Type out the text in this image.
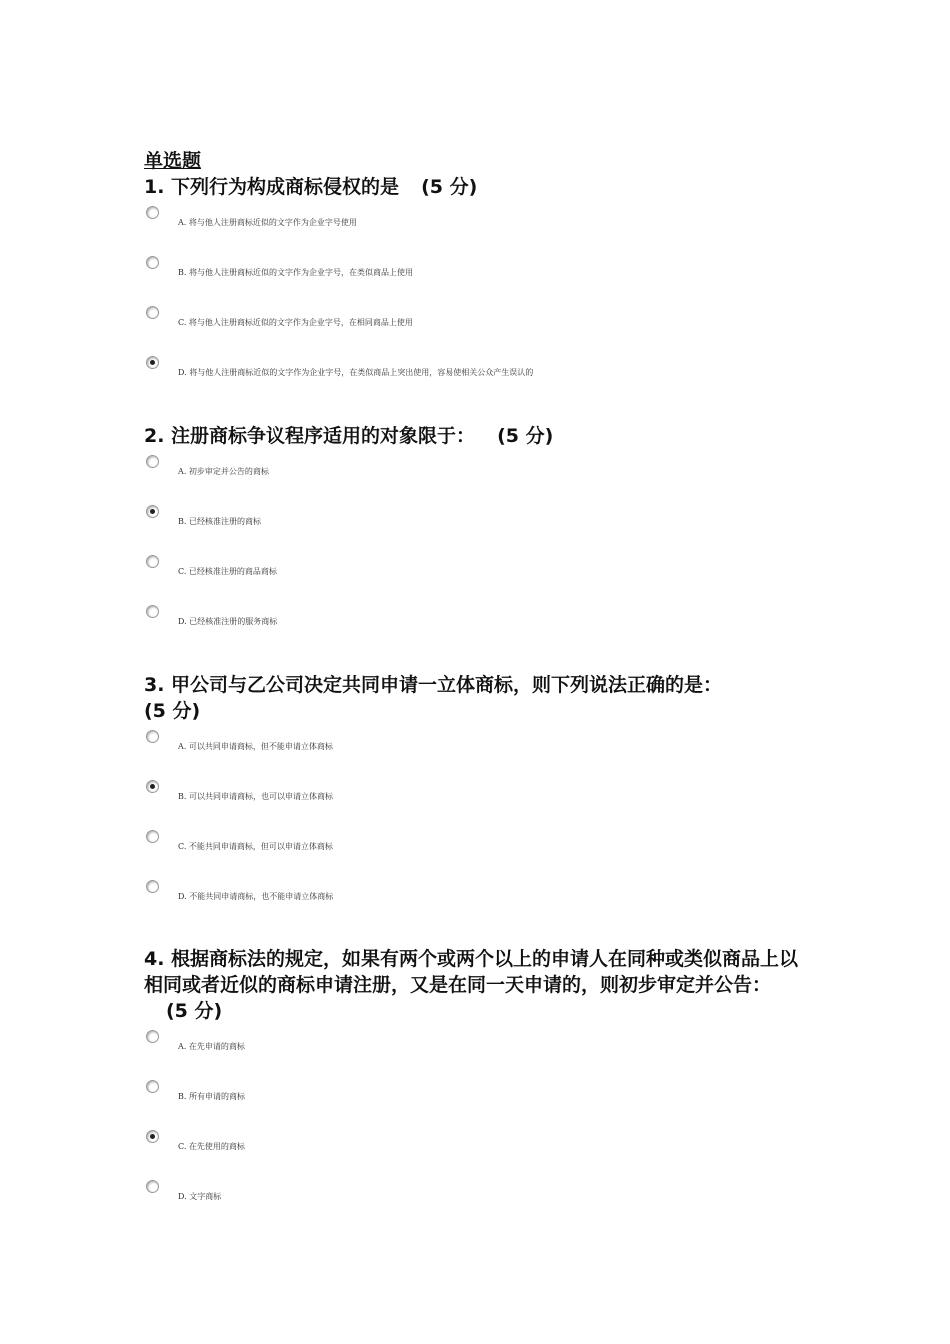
单选题

1. 下列行为构成商标侵权的是 (5 分)

A. 将与他人注册商标近似的文字作为企业字号使用
B. 将与他人注册商标近似的文字作为企业字号，在类似商品上使用
C. 将与他人注册商标近似的文字作为企业字号，在相同商品上使用
D. 将与他人注册商标近似的文字作为企业字号，在类似商品上突出使用，容易使相关公众产生误认的

2. 注册商标争议程序适用的对象限于： (5 分)

A. 初步审定并公告的商标
B. 已经核准注册的商标
C. 已经核准注册的商品商标
D. 已经核准注册的服务商标

3. 甲公司与乙公司决定共同申请一立体商标，则下列说法正确的是：
(5 分)

A. 可以共同申请商标，但不能申请立体商标
B. 可以共同申请商标，也可以申请立体商标
C. 不能共同申请商标，但可以申请立体商标
D. 不能共同申请商标，也不能申请立体商标

4. 根据商标法的规定，如果有两个或两个以上的申请人在同种或类似商品上以相同或者近似的商标申请注册，又是在同一天申请的，则初步审定并公告：(5 分)

A. 在先申请的商标
B. 所有申请的商标
C. 在先使用的商标
D. 文字商标
